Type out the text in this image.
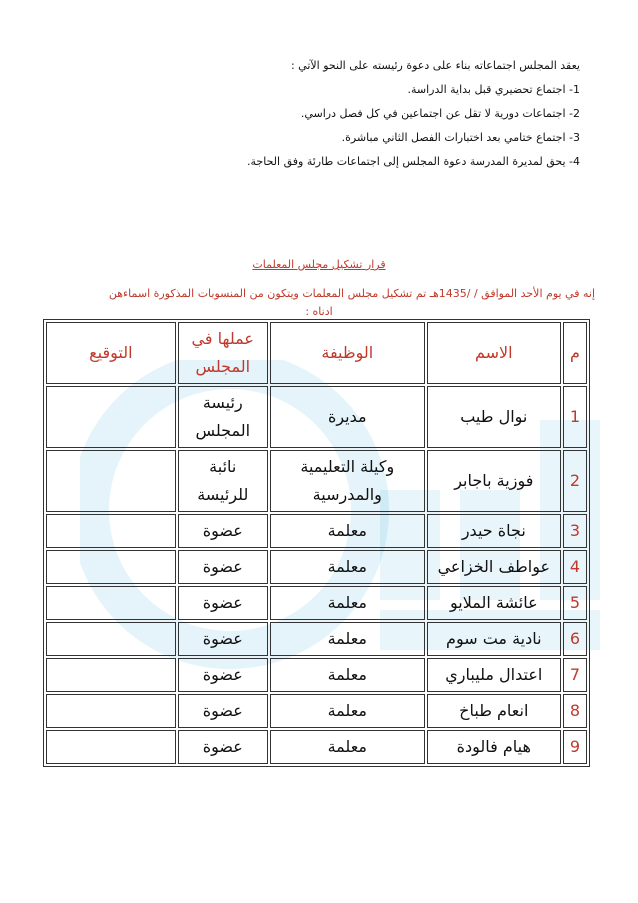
يعقد المجلس اجتماعاته بناء على دعوة رئيسته على النحو الآتي :
1- اجتماع تحضيري قبل بداية الدراسة.
2- اجتماعات دورية لا تقل عن اجتماعين في كل فصل دراسي.
3- اجتماع ختامي بعد اختبارات الفصل الثاني مباشرة.
4- يحق لمديرة المدرسة دعوة المجلس إلى اجتماعات طارئة وفق الحاجة.
قرار تشكيل مجلس المعلمات
إنه في يوم الأحد الموافق / /1435هـ تم تشكيل مجلس المعلمات ويتكون من المنسوبات المذكورة اسماءهن
ادناه :
م	الاسم	الوظيفة	عملها في المجلس	التوقيع
1	نوال طيب	مديرة	رئيسة المجلس	
2	فوزية باجابر	وكيلة التعليمية والمدرسية	نائبة للرئيسة	
3	نجاة حيدر	معلمة	عضوة	
4	عواطف الخزاعي	معلمة	عضوة	
5	عائشة الملايو	معلمة	عضوة	
6	نادية مت سوم	معلمة	عضوة	
7	اعتدال مليباري	معلمة	عضوة	
8	انعام طباخ	معلمة	عضوة	
9	هيام فالودة	معلمة	عضوة	
